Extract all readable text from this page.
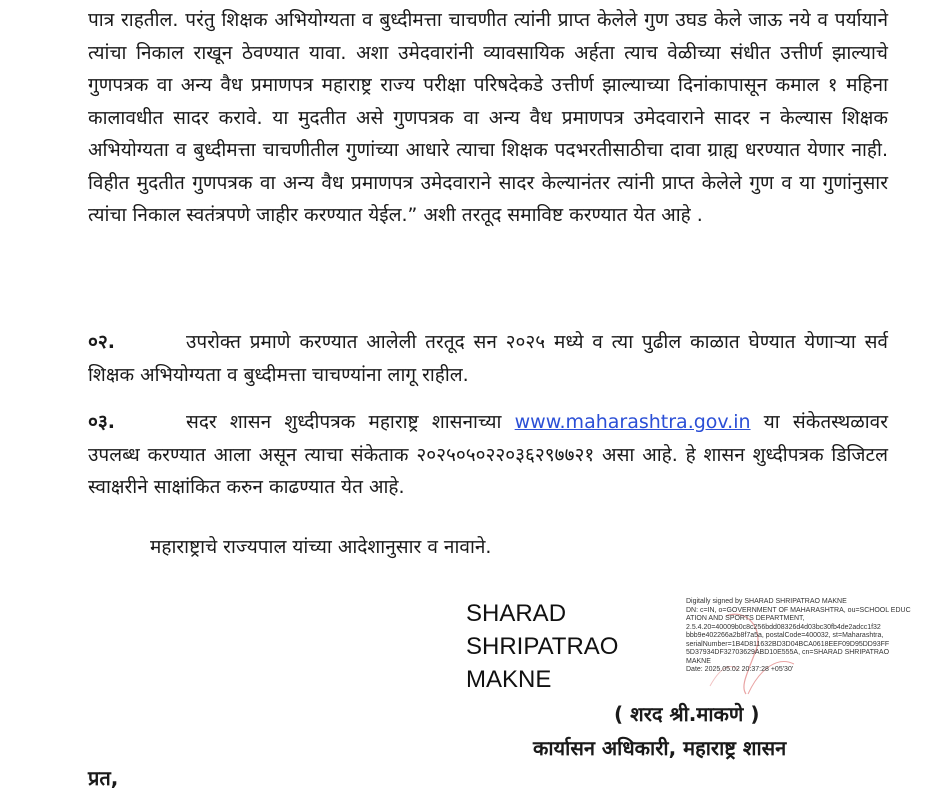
पात्र राहतील. परंतु शिक्षक अभियोग्यता व बुध्दीमत्ता चाचणीत त्यांनी प्राप्त केलेले गुण उघड केले जाऊ नये व पर्यायाने त्यांचा निकाल राखून ठेवण्यात यावा. अशा उमेदवारांनी व्यावसायिक अर्हता त्याच वेळीच्या संधीत उत्तीर्ण झाल्याचे गुणपत्रक वा अन्य वैध प्रमाणपत्र महाराष्ट्र राज्य परीक्षा परिषदेकडे उत्तीर्ण झाल्याच्या दिनांकापासून कमाल १ महिना कालावधीत सादर करावे. या मुदतीत असे गुणपत्रक वा अन्य वैध प्रमाणपत्र उमेदवाराने सादर न केल्यास शिक्षक अभियोग्यता व बुध्दीमत्ता चाचणीतील गुणांच्या आधारे त्याचा शिक्षक पदभरतीसाठीचा दावा ग्राह्य धरण्यात येणार नाही. विहीत मुदतीत गुणपत्रक वा अन्य वैध प्रमाणपत्र उमेदवाराने सादर केल्यानंतर त्यांनी प्राप्त केलेले गुण व या गुणांनुसार त्यांचा निकाल स्वतंत्रपणे जाहीर करण्यात येईल.” अशी तरतूद समाविष्ट करण्यात येत आहे .
०२.	उपरोक्त प्रमाणे करण्यात आलेली तरतूद सन २०२५ मध्ये व त्या पुढील काळात घेण्यात येणाऱ्या सर्व शिक्षक अभियोग्यता व बुध्दीमत्ता चाचण्यांना लागू राहील.
०३.	सदर शासन शुध्दीपत्रक महाराष्ट्र शासनाच्या www.maharashtra.gov.in या संकेतस्थळावर उपलब्ध करण्यात आला असून त्याचा संकेताक २०२५०५०२२०३६२९७७२१ असा आहे. हे शासन शुध्दीपत्रक डिजिटल स्वाक्षरीने साक्षांकित करुन काढण्यात येत आहे.
महाराष्ट्राचे राज्यपाल यांच्या आदेशानुसार व नावाने.
SHARAD
SHRIPATRAO
MAKNE
Digitally signed by SHARAD SHRIPATRAO MAKNE
DN: c=IN, o=GOVERNMENT OF MAHARASHTRA, ou=SCHOOL EDUCATION AND SPORTS DEPARTMENT,
2.5.4.20=40009b0c8c256bdd08326d4d03bc30fb4de2adcc1f32
bbb9e402266a2b8f7a5a, postalCode=400032, st=Maharashtra,
serialNumber=1B4D811632BD3D04BCA0618EEF09D95DD93FF
5D37934DF32703629ABD10E555A, cn=SHARAD SHRIPATRAO
MAKNE
Date: 2025.05.02 20:37:28 +05'30'
( शरद श्री.माकणे )
कार्यासन अधिकारी, महाराष्ट्र शासन
प्रत,
